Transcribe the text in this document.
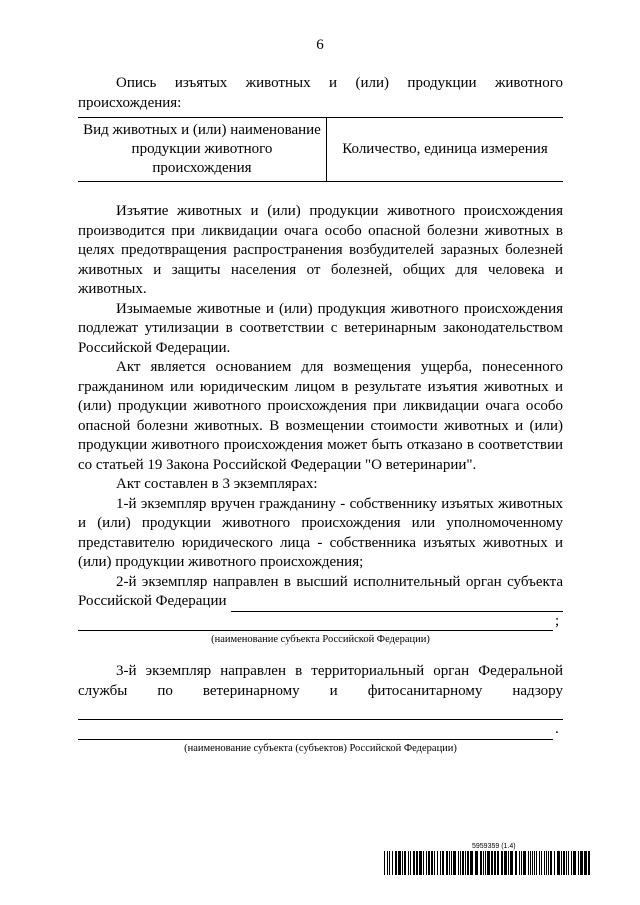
6

Опись изъятых животных и (или) продукции животного происхождения:

Вид животных и (или) наименование продукции животного происхождения	Количество, единица измерения

Изъятие животных и (или) продукции животного происхождения производится при ликвидации очага особо опасной болезни животных в целях предотвращения распространения возбудителей заразных болезней животных и защиты населения от болезней, общих для человека и животных.

Изымаемые животные и (или) продукция животного происхождения подлежат утилизации в соответствии с ветеринарным законодательством Российской Федерации.

Акт является основанием для возмещения ущерба, понесенного гражданином или юридическим лицом в результате изъятия животных и (или) продукции животного происхождения при ликвидации очага особо опасной болезни животных. В возмещении стоимости животных и (или) продукции животного происхождения может быть отказано в соответствии со статьей 19 Закона Российской Федерации "О ветеринарии".

Акт составлен в 3 экземплярах:

1-й экземпляр вручен гражданину - собственнику изъятых животных и (или) продукции животного происхождения или уполномоченному представителю юридического лица - собственника изъятых животных и (или) продукции животного происхождения;

2-й экземпляр направлен в высший исполнительный орган субъекта

Российской Федерации
;
(наименование субъекта Российской Федерации)

3-й экземпляр направлен в территориальный орган Федеральной

службы по ветеринарному и фитосанитарному надзору

.
(наименование субъекта (субъектов) Российской Федерации)
5959359 (1.4)
